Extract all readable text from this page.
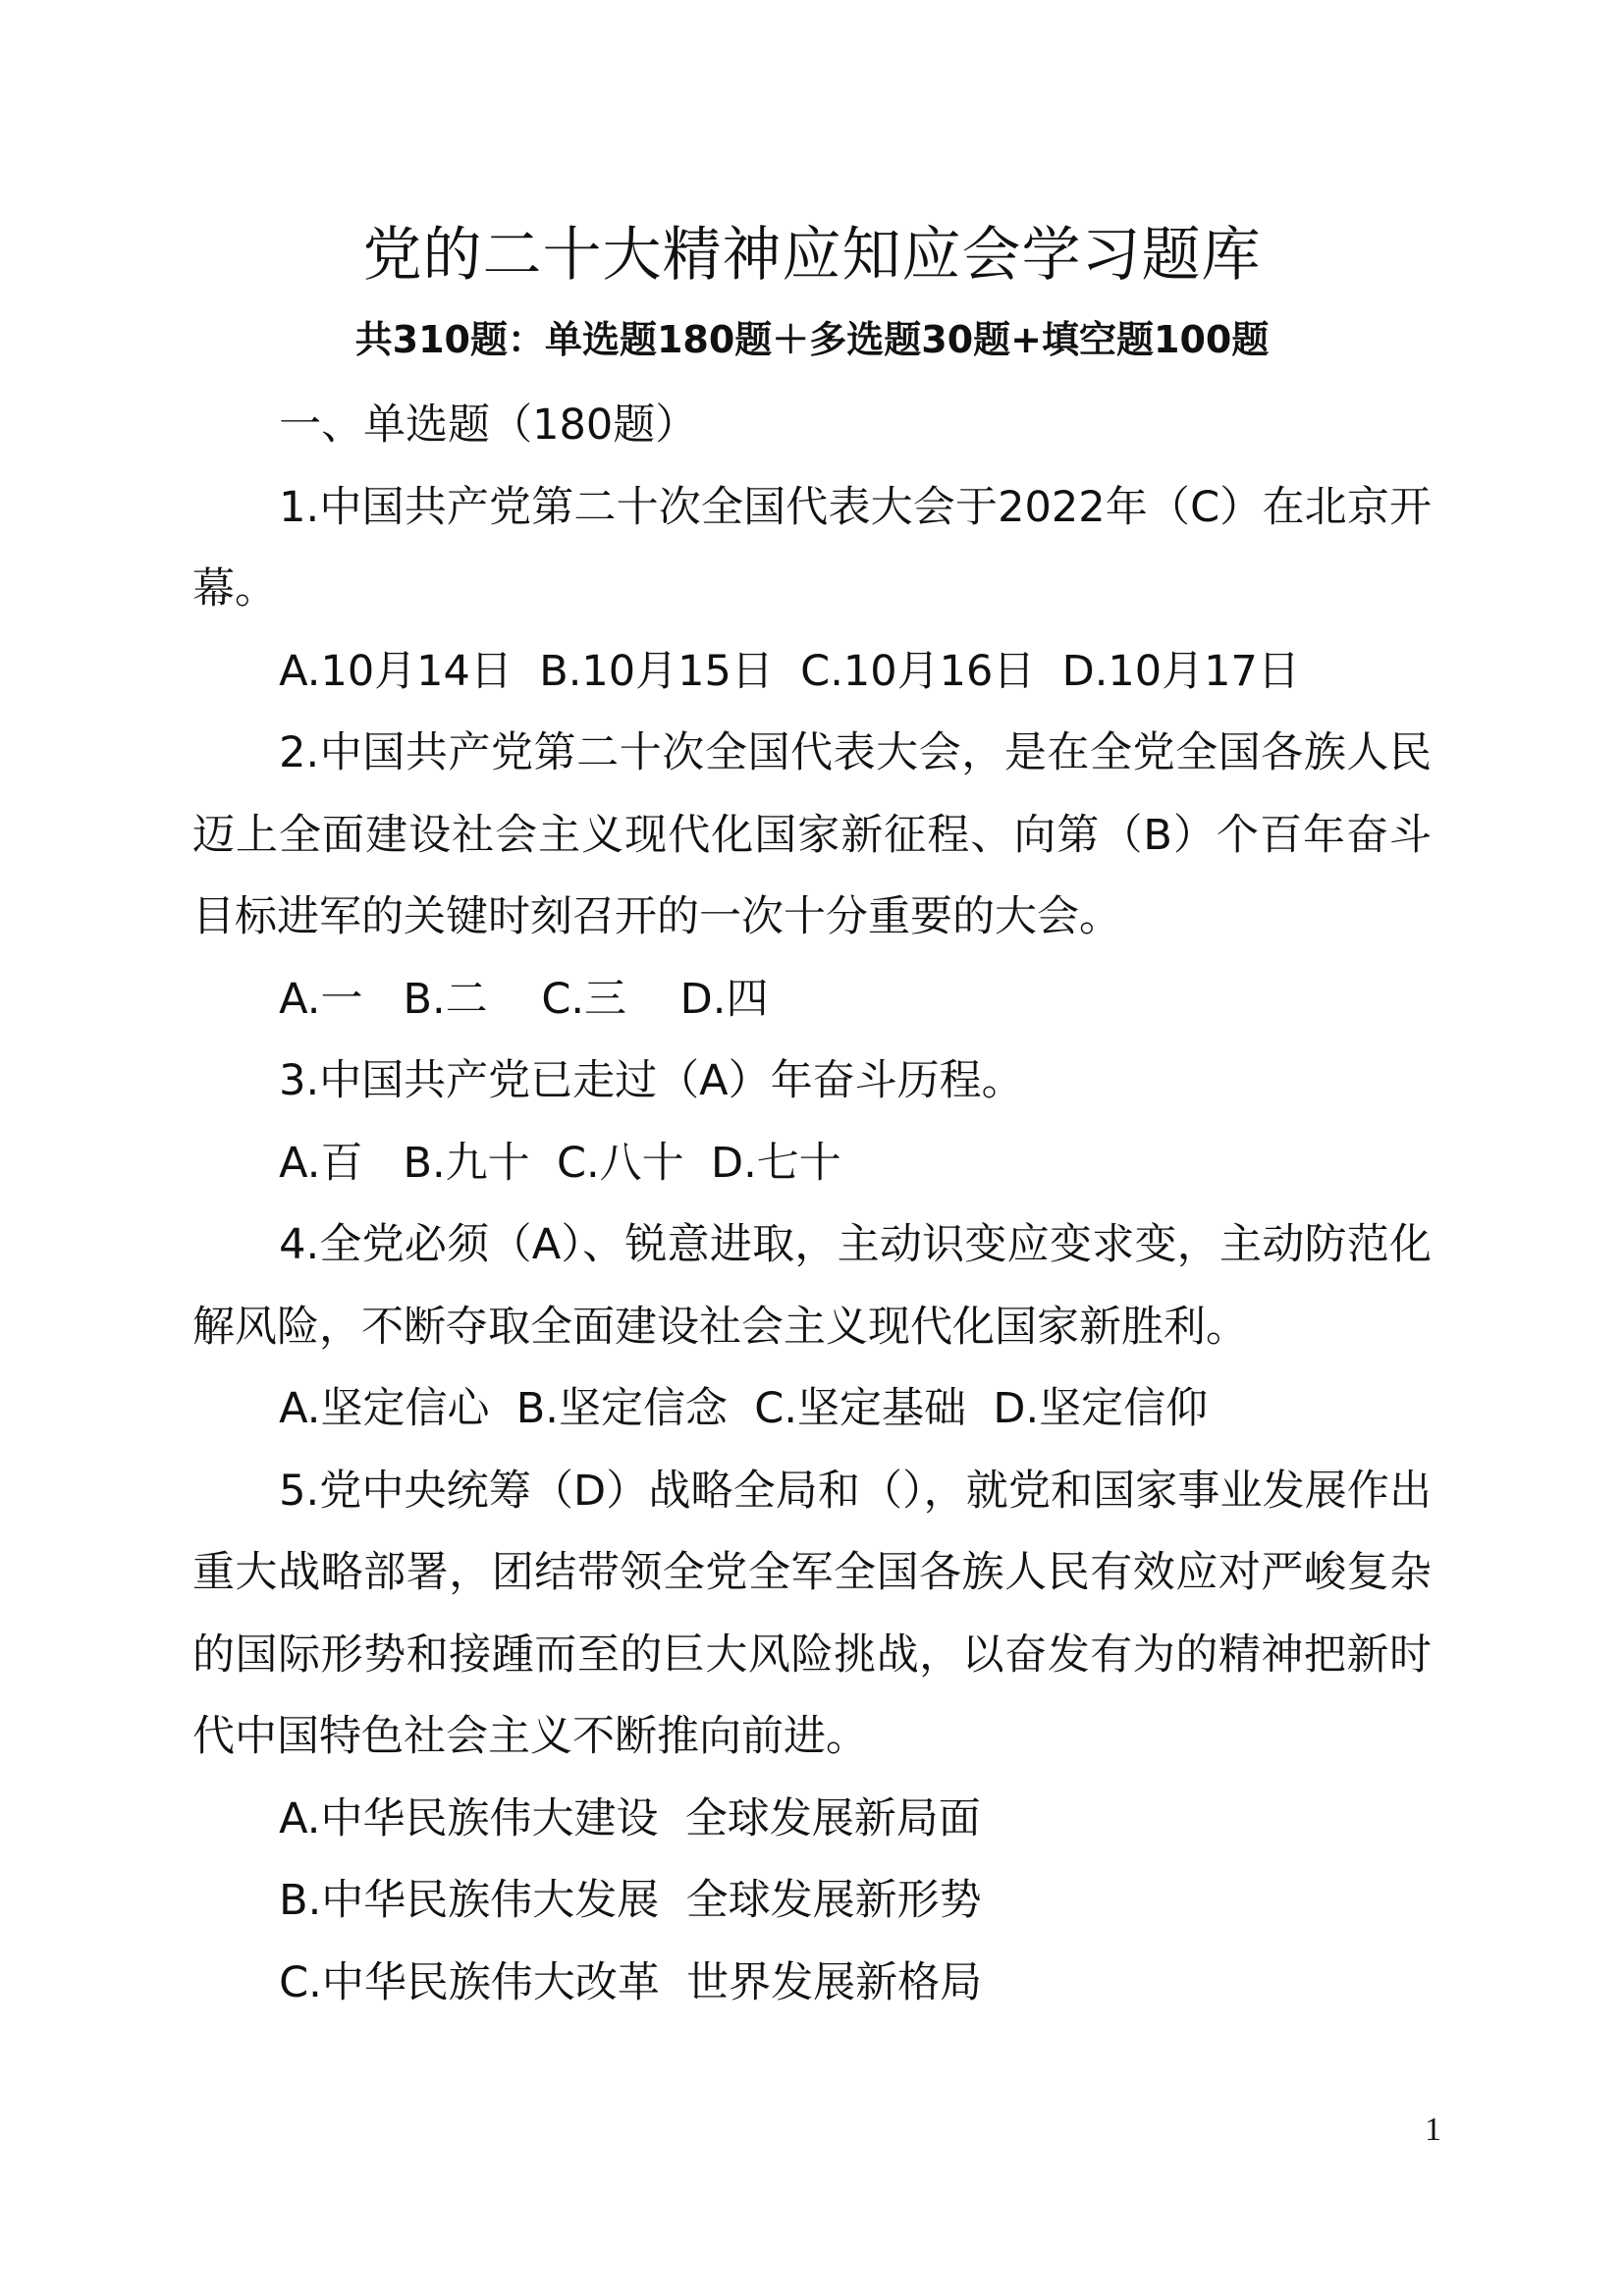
党的二十大精神应知应会学习题库
共310题：单选题180题＋多选题30题+填空题100题

一、单选题（180题）

1.中国共产党第二十次全国代表大会于2022年（C）在北京开幕。

A.10月14日  B.10月15日  C.10月16日  D.10月17日

2.中国共产党第二十次全国代表大会，是在全党全国各族人民迈上全面建设社会主义现代化国家新征程、向第（B）个百年奋斗目标进军的关键时刻召开的一次十分重要的大会。

A.一   B.二    C.三    D.四

3.中国共产党已走过（A）年奋斗历程。

A.百   B.九十  C.八十  D.七十

4.全党必须（A）、锐意进取，主动识变应变求变，主动防范化解风险，不断夺取全面建设社会主义现代化国家新胜利。

A.坚定信心  B.坚定信念  C.坚定基础  D.坚定信仰

5.党中央统筹（D）战略全局和（），就党和国家事业发展作出重大战略部署，团结带领全党全军全国各族人民有效应对严峻复杂的国际形势和接踵而至的巨大风险挑战，以奋发有为的精神把新时代中国特色社会主义不断推向前进。

A.中华民族伟大建设  全球发展新局面

B.中华民族伟大发展  全球发展新形势

C.中华民族伟大改革  世界发展新格局

1
